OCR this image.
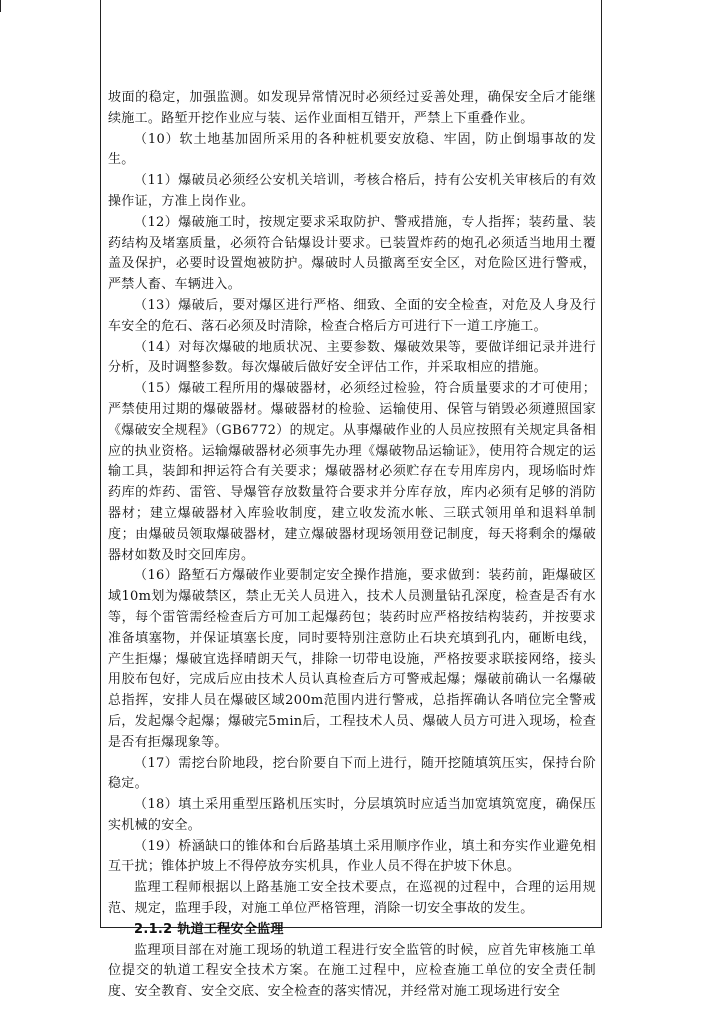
坡面的稳定，加强监测。如发现异常情况时必须经过妥善处理，确保安全后才能继续施工。路堑开挖作业应与装、运作业面相互错开，严禁上下重叠作业。

（10）软土地基加固所采用的各种桩机要安放稳、牢固，防止倒塌事故的发生。

（11）爆破员必须经公安机关培训，考核合格后，持有公安机关审核后的有效操作证，方准上岗作业。

（12）爆破施工时，按规定要求采取防护、警戒措施，专人指挥；装药量、装药结构及堵塞质量，必须符合钻爆设计要求。已装置炸药的炮孔必须适当地用土覆盖及保护，必要时设置炮被防护。爆破时人员撤离至安全区，对危险区进行警戒，严禁人畜、车辆进入。

（13）爆破后，要对爆区进行严格、细致、全面的安全检查，对危及人身及行车安全的危石、落石必须及时清除，检查合格后方可进行下一道工序施工。

（14）对每次爆破的地质状况、主要参数、爆破效果等，要做详细记录并进行分析，及时调整参数。每次爆破后做好安全评估工作，并采取相应的措施。

（15）爆破工程所用的爆破器材，必须经过检验，符合质量要求的才可使用；严禁使用过期的爆破器材。爆破器材的检验、运输使用、保管与销毁必须遵照国家《爆破安全规程》（GB6772）的规定。从事爆破作业的人员应按照有关规定具备相应的执业资格。运输爆破器材必须事先办理《爆破物品运输证》，使用符合规定的运输工具，装卸和押运符合有关要求；爆破器材必须贮存在专用库房内，现场临时炸药库的炸药、雷管、导爆管存放数量符合要求并分库存放，库内必须有足够的消防器材；建立爆破器材入库验收制度，建立收发流水帐、三联式领用单和退料单制度；由爆破员领取爆破器材，建立爆破器材现场领用登记制度，每天将剩余的爆破器材如数及时交回库房。

（16）路堑石方爆破作业要制定安全操作措施，要求做到：装药前，距爆破区域10m划为爆破禁区，禁止无关人员进入，技术人员测量钻孔深度，检查是否有水等，每个雷管需经检查后方可加工起爆药包；装药时应严格按结构装药，并按要求准备填塞物，并保证填塞长度，同时要特别注意防止石块充填到孔内，砸断电线，产生拒爆；爆破宜选择晴朗天气，排除一切带电设施，严格按要求联接网络，接头用胶布包好，完成后应由技术人员认真检查后方可警戒起爆；爆破前确认一名爆破总指挥，安排人员在爆破区域200m范围内进行警戒，总指挥确认各哨位完全警戒后，发起爆令起爆；爆破完5min后，工程技术人员、爆破人员方可进入现场，检查是否有拒爆现象等。

（17）需挖台阶地段，挖台阶要自下而上进行，随开挖随填筑压实，保持台阶稳定。

（18）填土采用重型压路机压实时，分层填筑时应适当加宽填筑宽度，确保压实机械的安全。

（19）桥涵缺口的锥体和台后路基填土采用顺序作业，填土和夯实作业避免相互干扰；锥体护坡上不得停放夯实机具，作业人员不得在护坡下休息。

监理工程师根据以上路基施工安全技术要点，在巡视的过程中，合理的运用规范、规定，监理手段，对施工单位严格管理，消除一切安全事故的发生。

2.1.2 轨道工程安全监理

监理项目部在对施工现场的轨道工程进行安全监管的时候，应首先审核施工单位提交的轨道工程安全技术方案。在施工过程中，应检查施工单位的安全责任制度、安全教育、安全交底、安全检查的落实情况，并经常对施工现场进行安全
